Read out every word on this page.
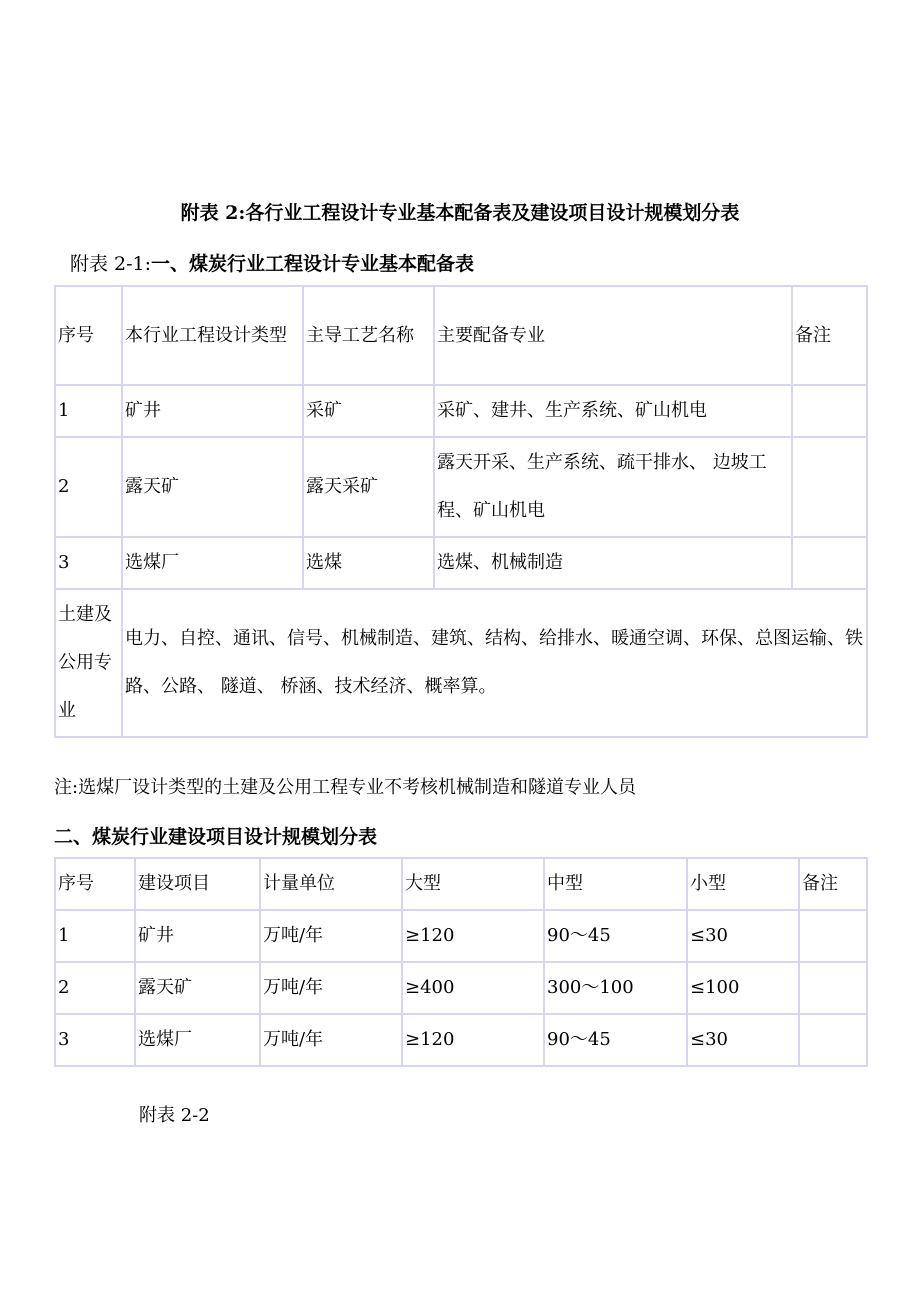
附表 2:各行业工程设计专业基本配备表及建设项目设计规模划分表
附表 2-1:一、煤炭行业工程设计专业基本配备表
序号	本行业工程设计类型	主导工艺名称	主要配备专业	备注
1	矿井	采矿	采矿、建井、生产系统、矿山机电	
2	露天矿	露天采矿	露天开采、生产系统、疏干排水、 边坡工程、矿山机电	
3	选煤厂	选煤	选煤、机械制造	
土建及公用专业	电力、自控、通讯、信号、机械制造、建筑、结构、给排水、暖通空调、环保、总图运输、铁路、公路、 隧道、 桥涵、技术经济、概率算。			
注:选煤厂设计类型的土建及公用工程专业不考核机械制造和隧道专业人员
二、煤炭行业建设项目设计规模划分表
序号	建设项目	计量单位	大型	中型	小型	备注
1	矿井	万吨/年	≥120	90～45	≤30	
2	露天矿	万吨/年	≥400	300～100	≤100	
3	选煤厂	万吨/年	≥120	90～45	≤30	
附表 2-2
